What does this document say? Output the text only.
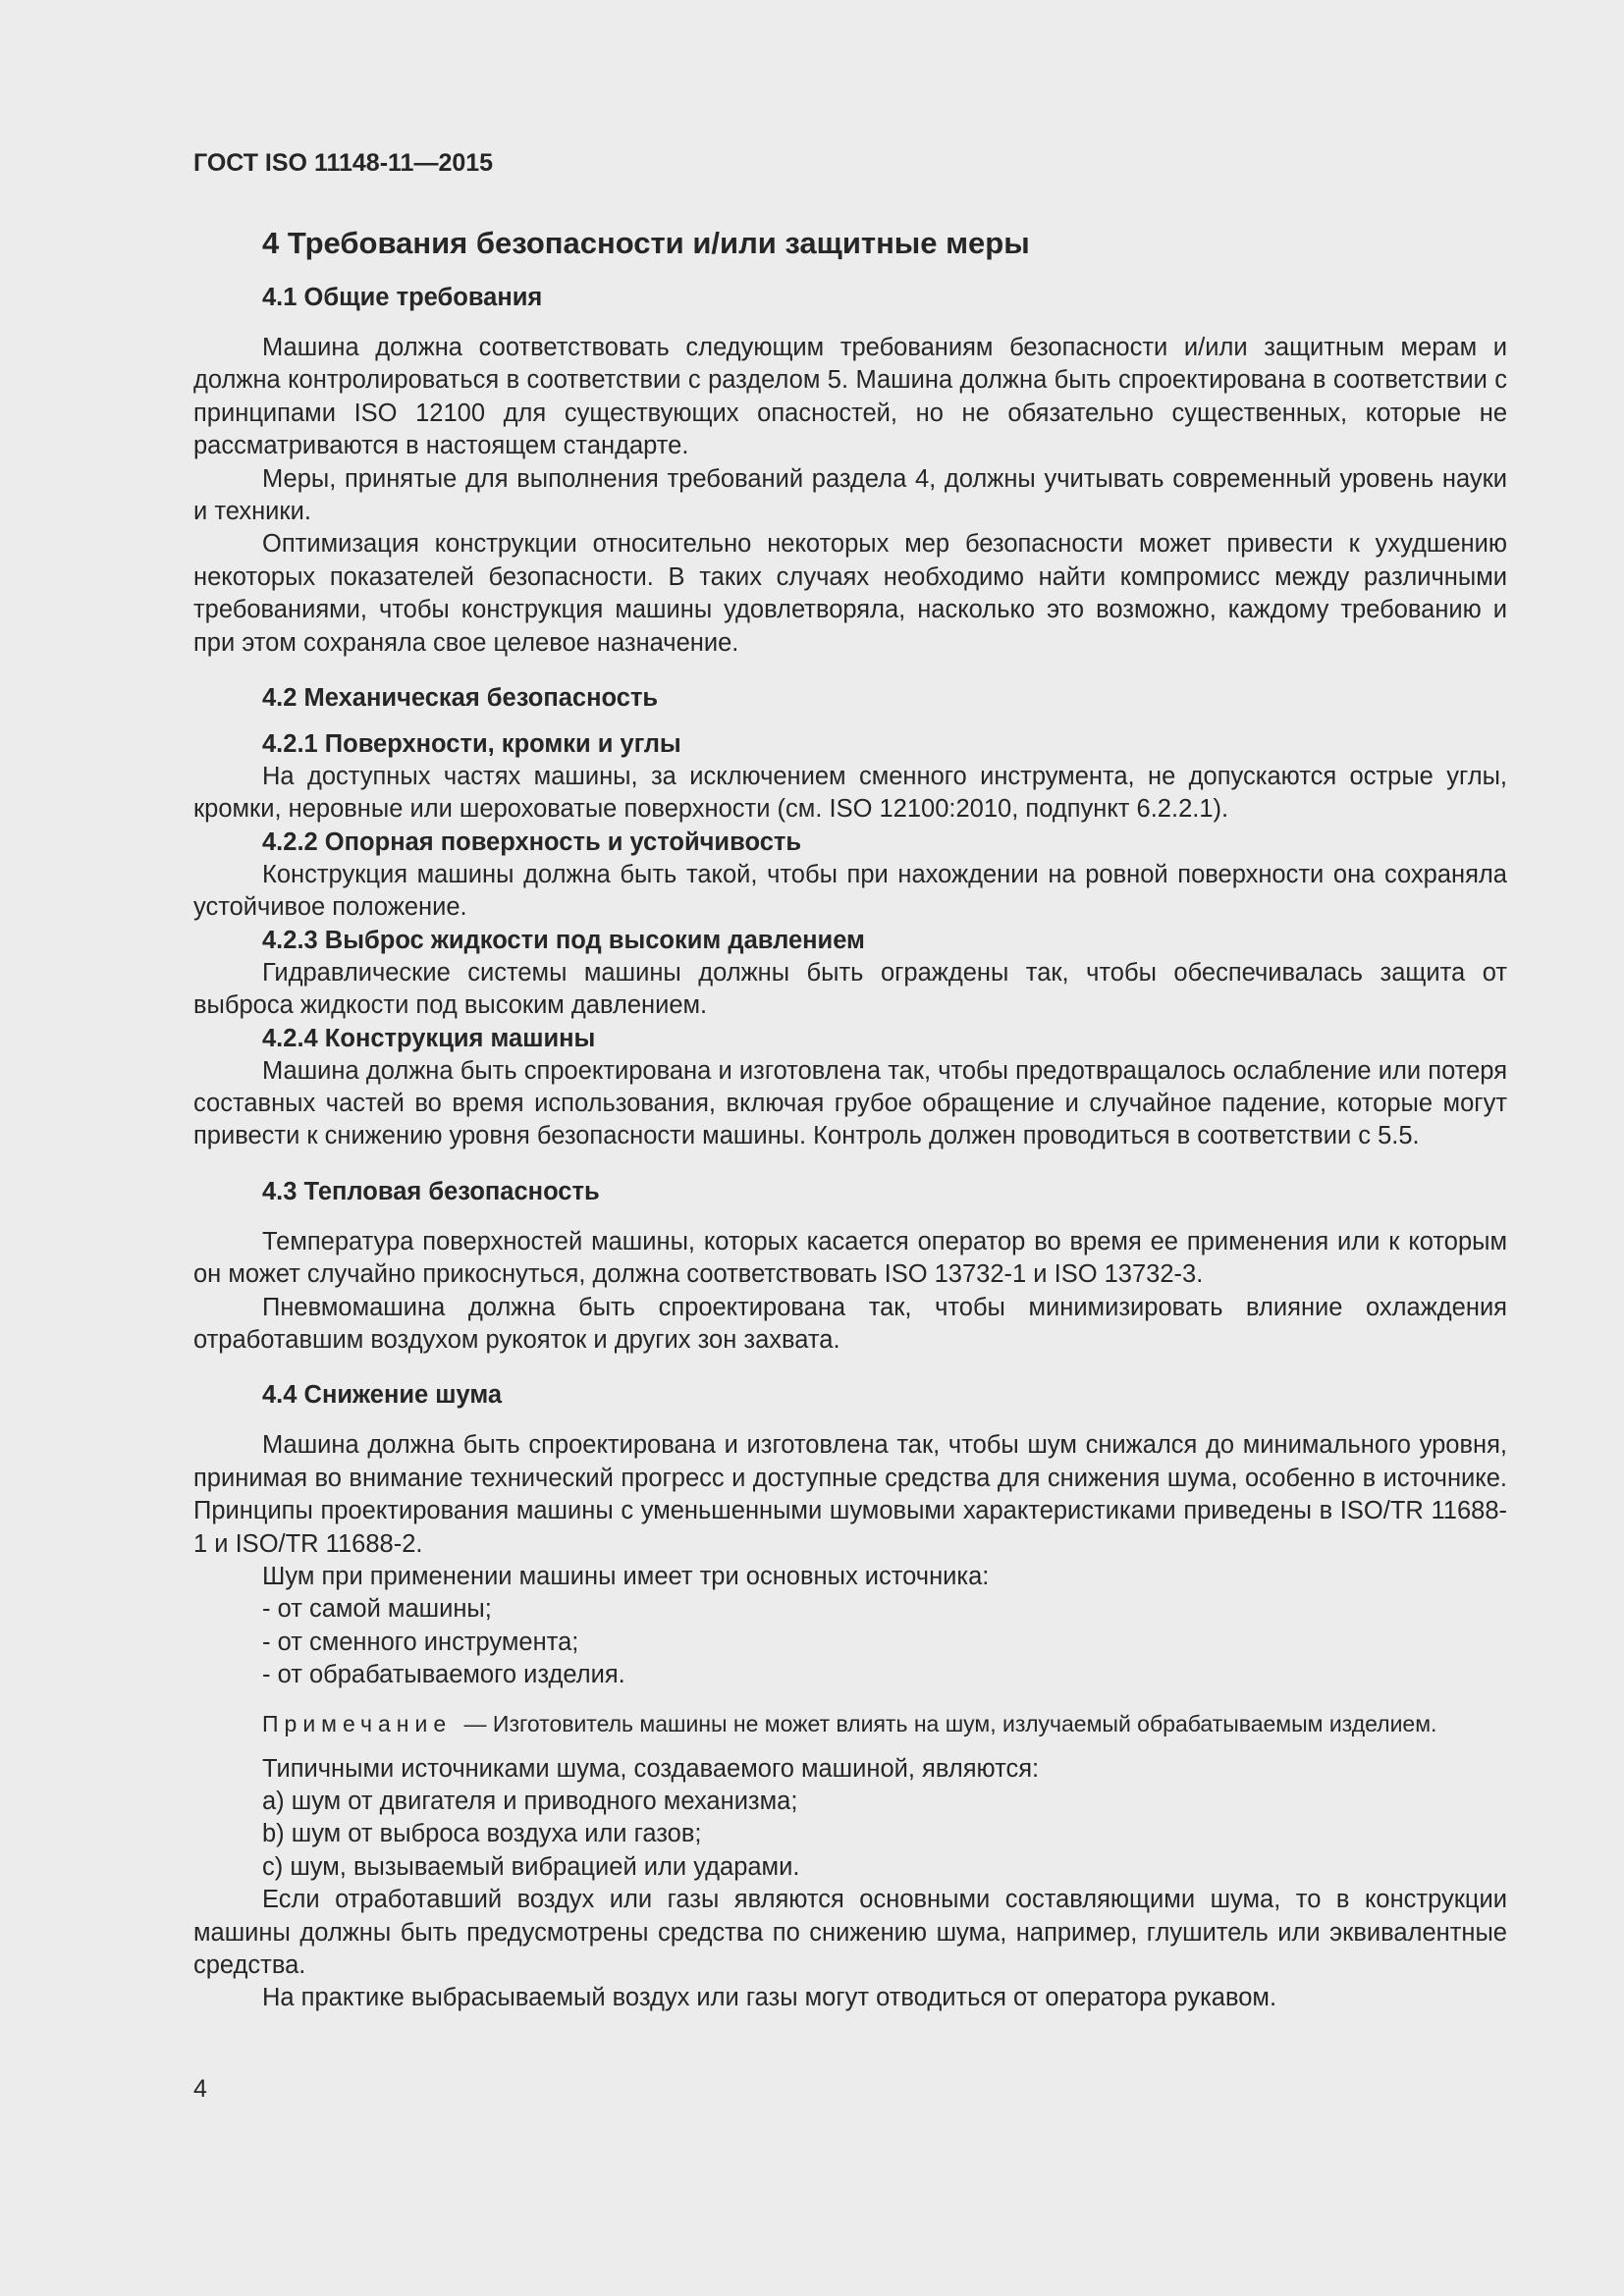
ГОСТ ISO 11148-11—2015
4 Требования безопасности и/или защитные меры
4.1 Общие требования

Машина должна соответствовать следующим требованиям безопасности и/или защитным мерам и должна контролироваться в соответствии с разделом 5. Машина должна быть спроектирована в соответствии с принципами ISO 12100 для существующих опасностей, но не обязательно существенных, которые не рассматриваются в настоящем стандарте.

Меры, принятые для выполнения требований раздела 4, должны учитывать современный уровень науки и техники.

Оптимизация конструкции относительно некоторых мер безопасности может привести к ухудшению некоторых показателей безопасности. В таких случаях необходимо найти компромисс между различными требованиями, чтобы конструкция машины удовлетворяла, насколько это возможно, каждому требованию и при этом сохраняла свое целевое назначение.

4.2 Механическая безопасность
4.2.1 Поверхности, кромки и углы

На доступных частях машины, за исключением сменного инструмента, не допускаются острые углы, кромки, неровные или шероховатые поверхности (см. ISO 12100:2010, подпункт 6.2.2.1).

4.2.2 Опорная поверхность и устойчивость

Конструкция машины должна быть такой, чтобы при нахождении на ровной поверхности она сохраняла устойчивое положение.

4.2.3 Выброс жидкости под высоким давлением

Гидравлические системы машины должны быть ограждены так, чтобы обеспечивалась защита от выброса жидкости под высоким давлением.

4.2.4 Конструкция машины

Машина должна быть спроектирована и изготовлена так, чтобы предотвращалось ослабление или потеря составных частей во время использования, включая грубое обращение и случайное падение, которые могут привести к снижению уровня безопасности машины. Контроль должен проводиться в соответствии с 5.5.

4.3 Тепловая безопасность

Температура поверхностей машины, которых касается оператор во время ее применения или к которым он может случайно прикоснуться, должна соответствовать ISO 13732-1 и ISO 13732-3.

Пневмомашина должна быть спроектирована так, чтобы минимизировать влияние охлаждения отработавшим воздухом рукояток и других зон захвата.

4.4 Снижение шума

Машина должна быть спроектирована и изготовлена так, чтобы шум снижался до минимального уровня, принимая во внимание технический прогресс и доступные средства для снижения шума, особенно в источнике. Принципы проектирования машины с уменьшенными шумовыми характеристиками приведены в ISO/TR 11688-1 и ISO/TR 11688-2.

Шум при применении машины имеет три основных источника:

- от самой машины;
- от сменного инструмента;
- от обрабатываемого изделия.
Примечание — Изготовитель машины не может влиять на шум, излучаемый обрабатываемым изделием.

Типичными источниками шума, создаваемого машиной, являются:

a) шум от двигателя и приводного механизма;
b) шум от выброса воздуха или газов;
c) шум, вызываемый вибрацией или ударами.

Если отработавший воздух или газы являются основными составляющими шума, то в конструкции машины должны быть предусмотрены средства по снижению шума, например, глушитель или эквивалентные средства.

На практике выбрасываемый воздух или газы могут отводиться от оператора рукавом.

4
